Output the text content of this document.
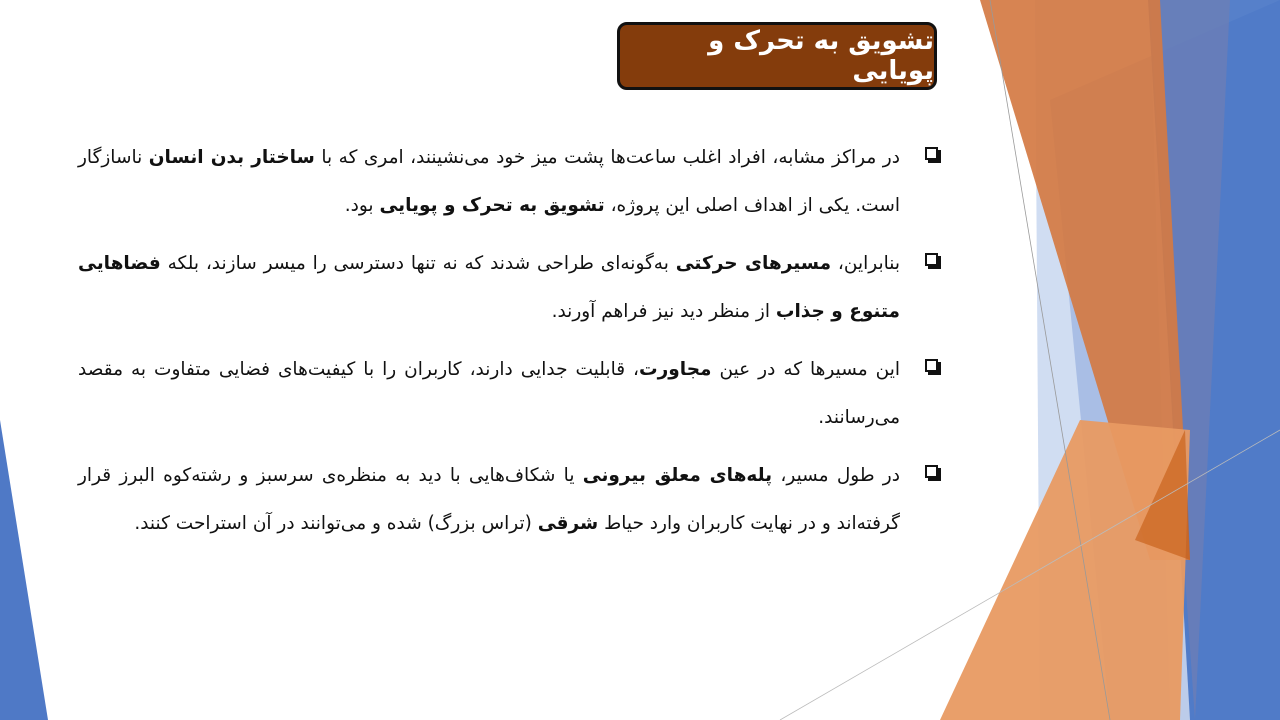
تشویق به تحرک و پویایی
در مراکز مشابه، افراد اغلب ساعت‌ها پشت میز خود می‌نشینند، امری که با ساختار بدن انسان ناسازگار است. یکی از اهداف اصلی این پروژه، تشویق به تحرک و پویایی بود.
بنابراین، مسیرهای حرکتی به‌گونه‌ای طراحی شدند که نه تنها دسترسی را میسر سازند، بلکه فضاهایی متنوع و جذاب از منظر دید نیز فراهم آورند.
این مسیرها که در عین مجاورت، قابلیت جدایی دارند، کاربران را با کیفیت‌های فضایی متفاوت به مقصد می‌رسانند.
در طول مسیر، پله‌های معلق بیرونی یا شکاف‌هایی با دید به منظره‌ی سرسبز و رشته‌کوه البرز قرار گرفته‌اند و در نهایت کاربران وارد حیاط شرقی (تراس بزرگ) شده و می‌توانند در آن استراحت کنند.
